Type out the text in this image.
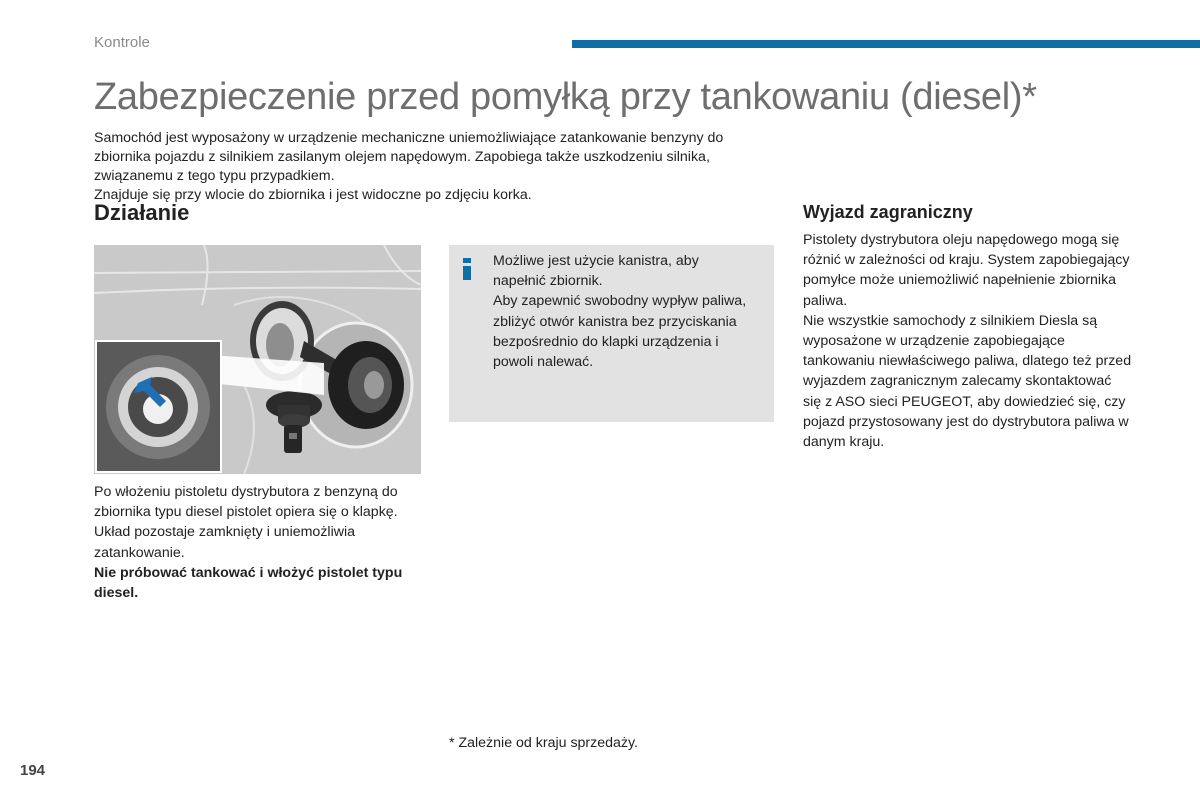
Kontrole
Zabezpieczenie przed pomyłką przy tankowaniu (diesel)*

Samochód jest wyposażony w urządzenie mechaniczne uniemożliwiające zatankowanie benzyny do zbiornika pojazdu z silnikiem zasilanym olejem napędowym. Zapobiega także uszkodzeniu silnika, związanemu z tego typu przypadkiem.

Znajduje się przy wlocie do zbiornika i jest widoczne po zdjęciu korka.

Działanie

Możliwe jest użycie kanistra, aby napełnić zbiornik.

Aby zapewnić swobodny wypływ paliwa, zbliżyć otwór kanistra bez przyciskania bezpośrednio do klapki urządzenia i powoli nalewać.

Po włożeniu pistoletu dystrybutora z benzyną do zbiornika typu diesel pistolet opiera się o klapkę. Układ pozostaje zamknięty i uniemożliwia zatankowanie.

Nie próbować tankować i włożyć pistolet typu diesel.

Wyjazd zagraniczny

Pistolety dystrybutora oleju napędowego mogą się różnić w zależności od kraju. System zapobiegający pomyłce może uniemożliwić napełnienie zbiornika paliwa.

Nie wszystkie samochody z silnikiem Diesla są wyposażone w urządzenie zapobiegające tankowaniu niewłaściwego paliwa, dlatego też przed wyjazdem zagranicznym zalecamy skontaktować się z ASO sieci PEUGEOT, aby dowiedzieć się, czy pojazd przystosowany jest do dystrybutora paliwa w danym kraju.

* Zależnie od kraju sprzedaży.
194
